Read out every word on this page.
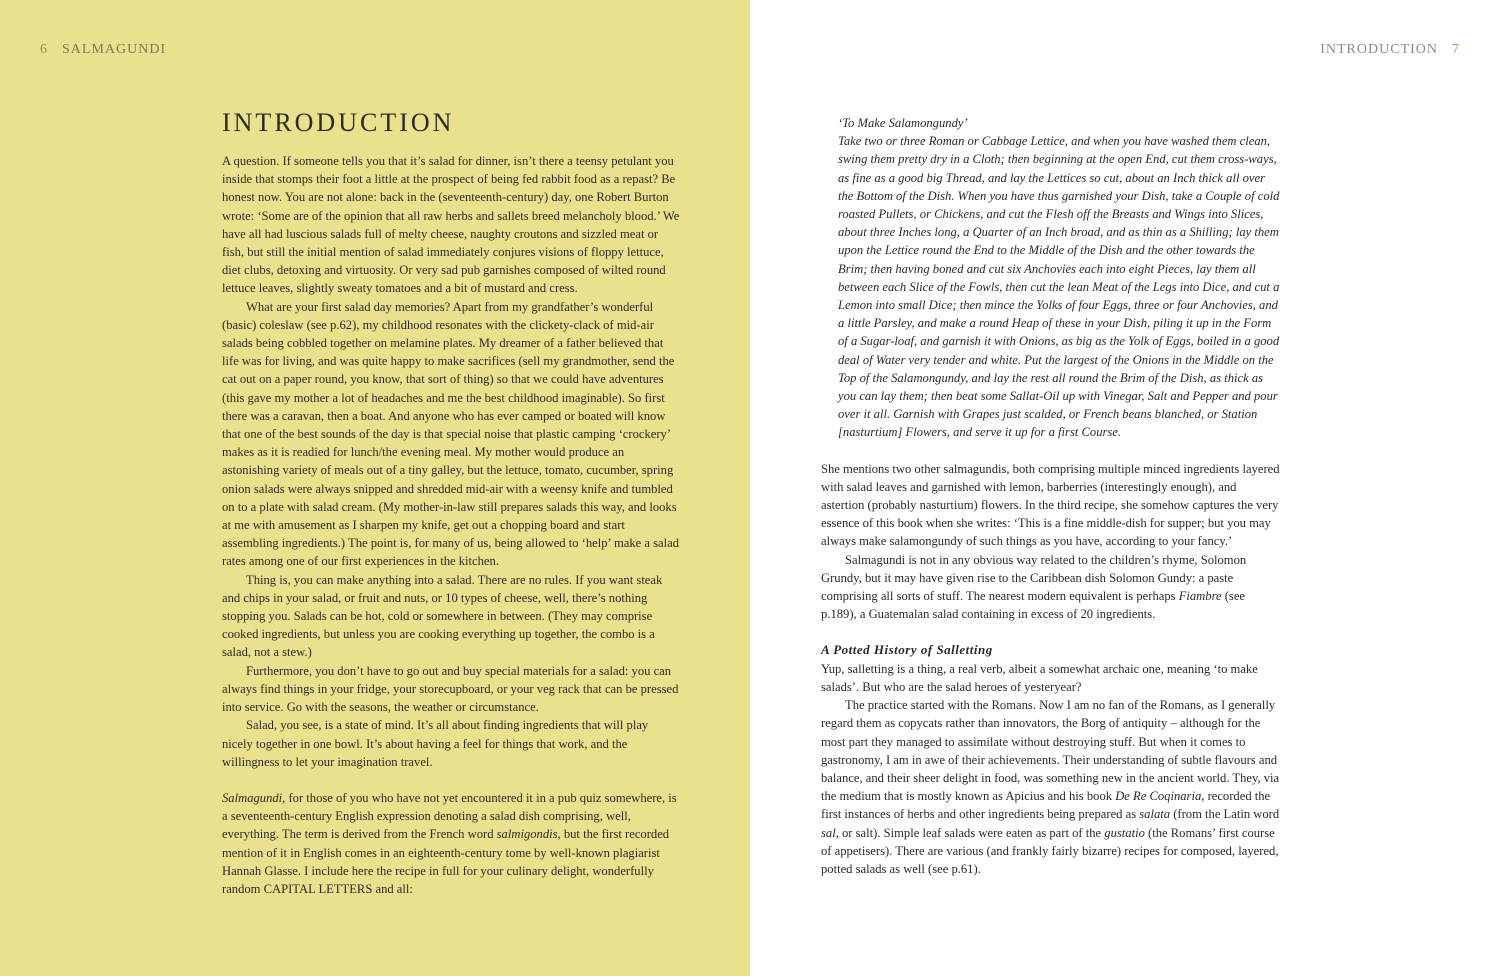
6 SALMAGUNDI	INTRODUCTION 7
INTRODUCTION

A question. If someone tells you that it’s salad for dinner, isn’t there a teensy petulant you inside that stomps their foot a little at the prospect of being fed rabbit food as a repast? Be honest now. You are not alone: back in the (seventeenth-century) day, one Robert Burton wrote: ‘Some are of the opinion that all raw herbs and sallets breed melancholy blood.’ We have all had luscious salads full of melty cheese, naughty croutons and sizzled meat or fish, but still the initial mention of salad immediately conjures visions of floppy lettuce, diet clubs, detoxing and virtuosity. Or very sad pub garnishes composed of wilted round lettuce leaves, slightly sweaty tomatoes and a bit of mustard and cress.

What are your first salad day memories? Apart from my grandfather’s wonderful (basic) coleslaw (see p.62), my childhood resonates with the clickety-clack of mid-air salads being cobbled together on melamine plates. My dreamer of a father believed that life was for living, and was quite happy to make sacrifices (sell my grandmother, send the cat out on a paper round, you know, that sort of thing) so that we could have adventures (this gave my mother a lot of headaches and me the best childhood imaginable). So first there was a caravan, then a boat. And anyone who has ever camped or boated will know that one of the best sounds of the day is that special noise that plastic camping ‘crockery’ makes as it is readied for lunch/the evening meal. My mother would produce an astonishing variety of meals out of a tiny galley, but the lettuce, tomato, cucumber, spring onion salads were always snipped and shredded mid-air with a weensy knife and tumbled on to a plate with salad cream. (My mother-in-law still prepares salads this way, and looks at me with amusement as I sharpen my knife, get out a chopping board and start assembling ingredients.) The point is, for many of us, being allowed to ‘help’ make a salad rates among one of our first experiences in the kitchen.

Thing is, you can make anything into a salad. There are no rules. If you want steak and chips in your salad, or fruit and nuts, or 10 types of cheese, well, there’s nothing stopping you. Salads can be hot, cold or somewhere in between. (They may comprise cooked ingredients, but unless you are cooking everything up together, the combo is a salad, not a stew.)

Furthermore, you don’t have to go out and buy special materials for a salad: you can always find things in your fridge, your storecupboard, or your veg rack that can be pressed into service. Go with the seasons, the weather or circumstance.

Salad, you see, is a state of mind. It’s all about finding ingredients that will play nicely together in one bowl. It’s about having a feel for things that work, and the willingness to let your imagination travel.

Salmagundi, for those of you who have not yet encountered it in a pub quiz somewhere, is a seventeenth-century English expression denoting a salad dish comprising, well, everything. The term is derived from the French word salmigondis, but the first recorded mention of it in English comes in an eighteenth-century tome by well-known plagiarist Hannah Glasse. I include here the recipe in full for your culinary delight, wonderfully random CAPITAL LETTERS and all:

‘To Make Salamongundy’
Take two or three Roman or Cabbage Lettice, and when you have washed them clean, swing them pretty dry in a Cloth; then beginning at the open End, cut them cross-ways, as fine as a good big Thread, and lay the Lettices so cut, about an Inch thick all over the Bottom of the Dish. When you have thus garnished your Dish, take a Couple of cold roasted Pullets, or Chickens, and cut the Flesh off the Breasts and Wings into Slices, about three Inches long, a Quarter of an Inch broad, and as thin as a Shilling; lay them upon the Lettice round the End to the Middle of the Dish and the other towards the Brim; then having boned and cut six Anchovies each into eight Pieces, lay them all between each Slice of the Fowls, then cut the lean Meat of the Legs into Dice, and cut a Lemon into small Dice; then mince the Yolks of four Eggs, three or four Anchovies, and a little Parsley, and make a round Heap of these in your Dish, piling it up in the Form of a Sugar-loaf, and garnish it with Onions, as big as the Yolk of Eggs, boiled in a good deal of Water very tender and white. Put the largest of the Onions in the Middle on the Top of the Salamongundy, and lay the rest all round the Brim of the Dish, as thick as you can lay them; then beat some Sallat-Oil up with Vinegar, Salt and Pepper and pour over it all. Garnish with Grapes just scalded, or French beans blanched, or Station [nasturtium] Flowers, and serve it up for a first Course.

She mentions two other salmagundis, both comprising multiple minced ingredients layered with salad leaves and garnished with lemon, barberries (interestingly enough), and astertion (probably nasturtium) flowers. In the third recipe, she somehow captures the very essence of this book when she writes: ‘This is a fine middle-dish for supper; but you may always make salamongundy of such things as you have, according to your fancy.’

Salmagundi is not in any obvious way related to the children’s rhyme, Solomon Grundy, but it may have given rise to the Caribbean dish Solomon Gundy: a paste comprising all sorts of stuff. The nearest modern equivalent is perhaps Fiambre (see p.189), a Guatemalan salad containing in excess of 20 ingredients.

A Potted History of Salletting

Yup, salletting is a thing, a real verb, albeit a somewhat archaic one, meaning ‘to make salads’. But who are the salad heroes of yesteryear?

The practice started with the Romans. Now I am no fan of the Romans, as I generally regard them as copycats rather than innovators, the Borg of antiquity – although for the most part they managed to assimilate without destroying stuff. But when it comes to gastronomy, I am in awe of their achievements. Their understanding of subtle flavours and balance, and their sheer delight in food, was something new in the ancient world. They, via the medium that is mostly known as Apicius and his book De Re Coqinaria, recorded the first instances of herbs and other ingredients being prepared as salata (from the Latin word sal, or salt). Simple leaf salads were eaten as part of the gustatio (the Romans’ first course of appetisers). There are various (and frankly fairly bizarre) recipes for composed, layered, potted salads as well (see p.61).
